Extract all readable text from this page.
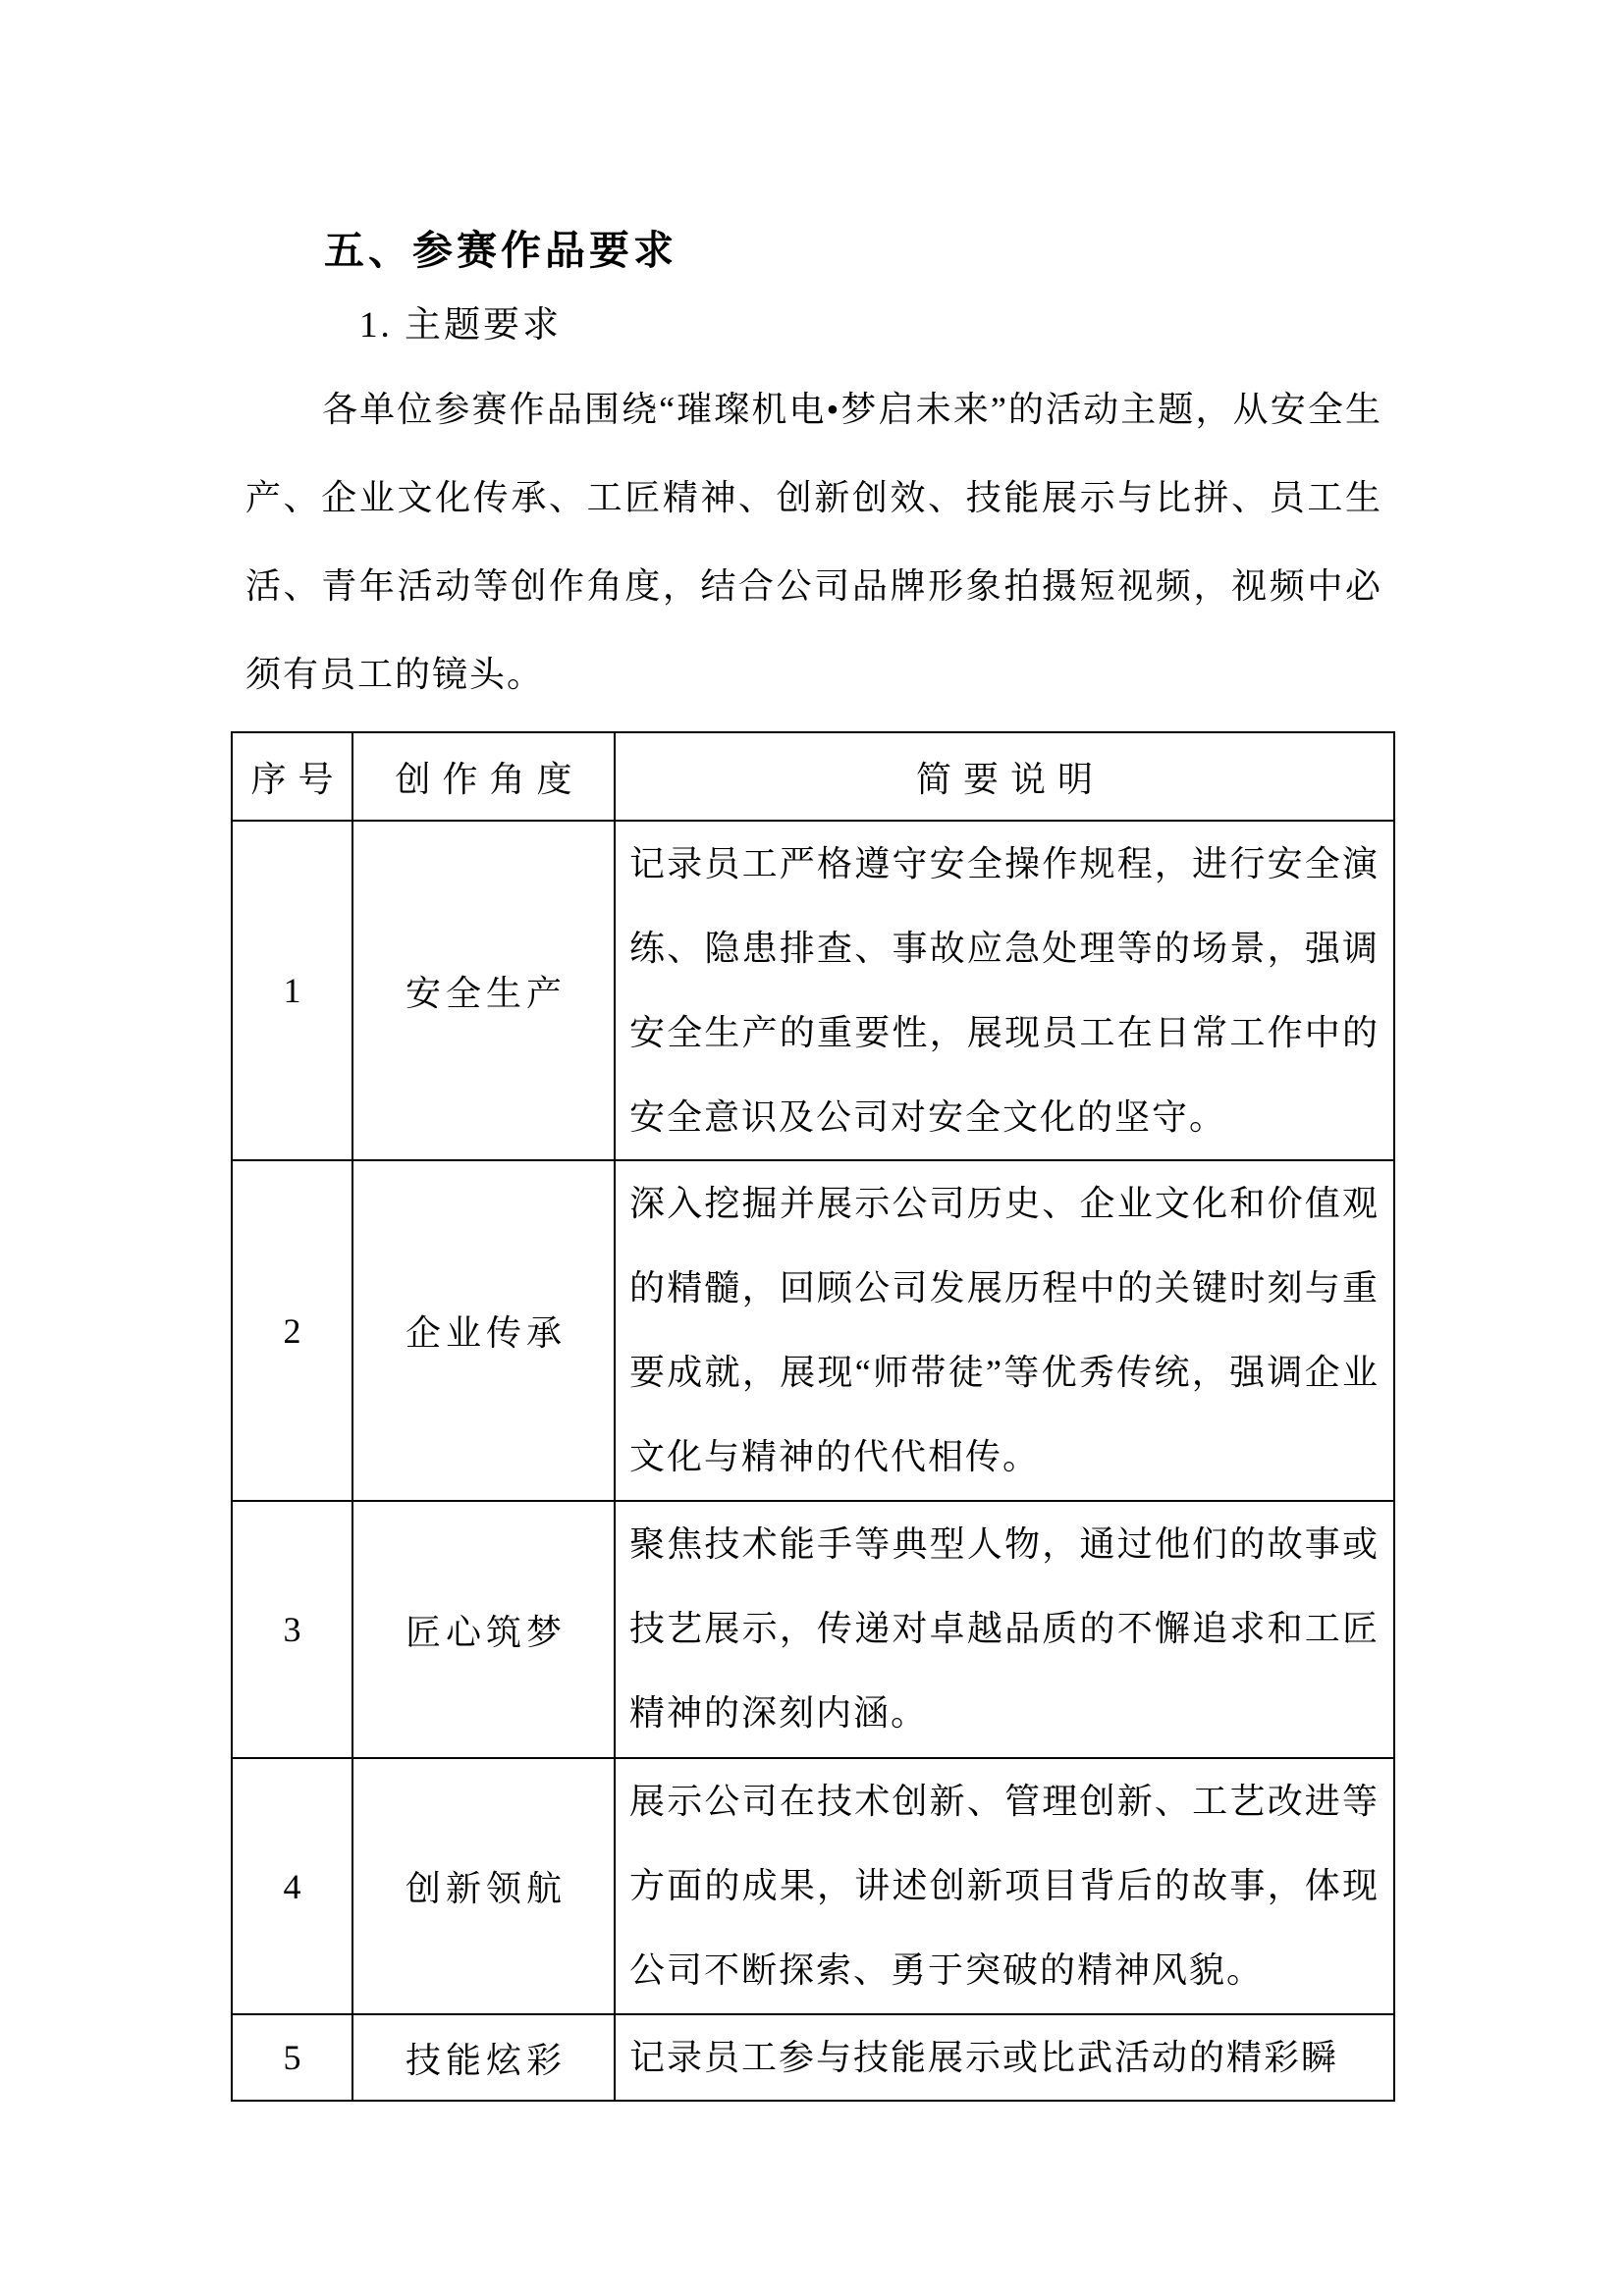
五、参赛作品要求
1. 主题要求
各单位参赛作品围绕“璀璨机电•梦启未来”的活动主题，从安全生产、企业文化传承、工匠精神、创新创效、技能展示与比拼、员工生活、青年活动等创作角度，结合公司品牌形象拍摄短视频，视频中必须有员工的镜头。
序号	创作角度	简要说明
1	安全生产	记录员工严格遵守安全操作规程，进行安全演练、隐患排查、事故应急处理等的场景，强调安全生产的重要性，展现员工在日常工作中的安全意识及公司对安全文化的坚守。
2	企业传承	深入挖掘并展示公司历史、企业文化和价值观的精髓，回顾公司发展历程中的关键时刻与重要成就，展现“师带徒”等优秀传统，强调企业文化与精神的代代相传。
3	匠心筑梦	聚焦技术能手等典型人物，通过他们的故事或技艺展示，传递对卓越品质的不懈追求和工匠精神的深刻内涵。
4	创新领航	展示公司在技术创新、管理创新、工艺改进等方面的成果，讲述创新项目背后的故事，体现公司不断探索、勇于突破的精神风貌。
5	技能炫彩	记录员工参与技能展示或比武活动的精彩瞬
